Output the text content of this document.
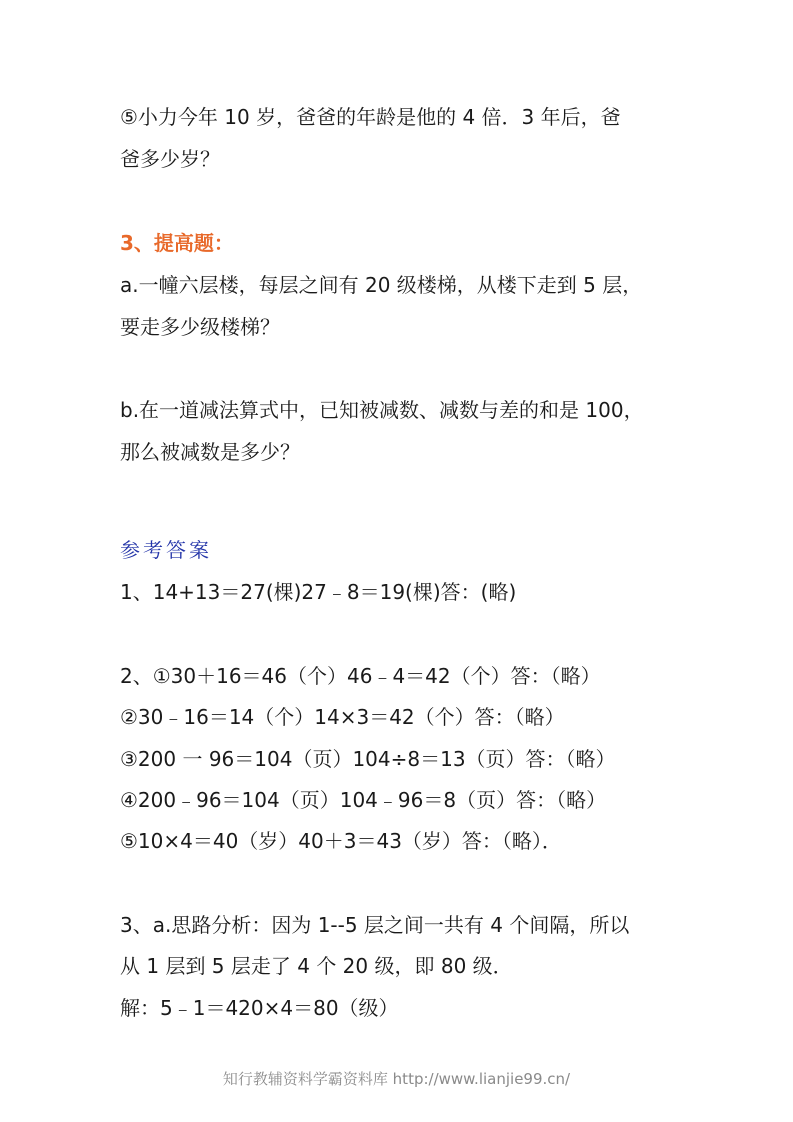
⑤小力今年 10 岁，爸爸的年龄是他的 4 倍．3 年后，爸
爸多少岁？
3、提高题：
a.一幢六层楼，每层之间有 20 级楼梯，从楼下走到 5 层，
要走多少级楼梯？
b.在一道减法算式中，已知被减数、减数与差的和是 100，
那么被减数是多少？
参考答案
1、14+13＝27(棵)27﹣8＝19(棵)答：(略)
2、①30＋16＝46（个）46﹣4＝42（个）答：（略）
②30﹣16＝14（个）14×3＝42（个）答：（略）
③200 一 96＝104（页）104÷8＝13（页）答：（略）
④200﹣96＝104（页）104﹣96＝8（页）答：（略）
⑤10×4＝40（岁）40＋3＝43（岁）答：（略）．
3、a.思路分析：因为 1--5 层之间一共有 4 个间隔，所以
从 1 层到 5 层走了 4 个 20 级，即 80 级．
解：5﹣1＝420×4＝80（级）
知行教辅资料学霸资料库 http://www.lianjie99.cn/
